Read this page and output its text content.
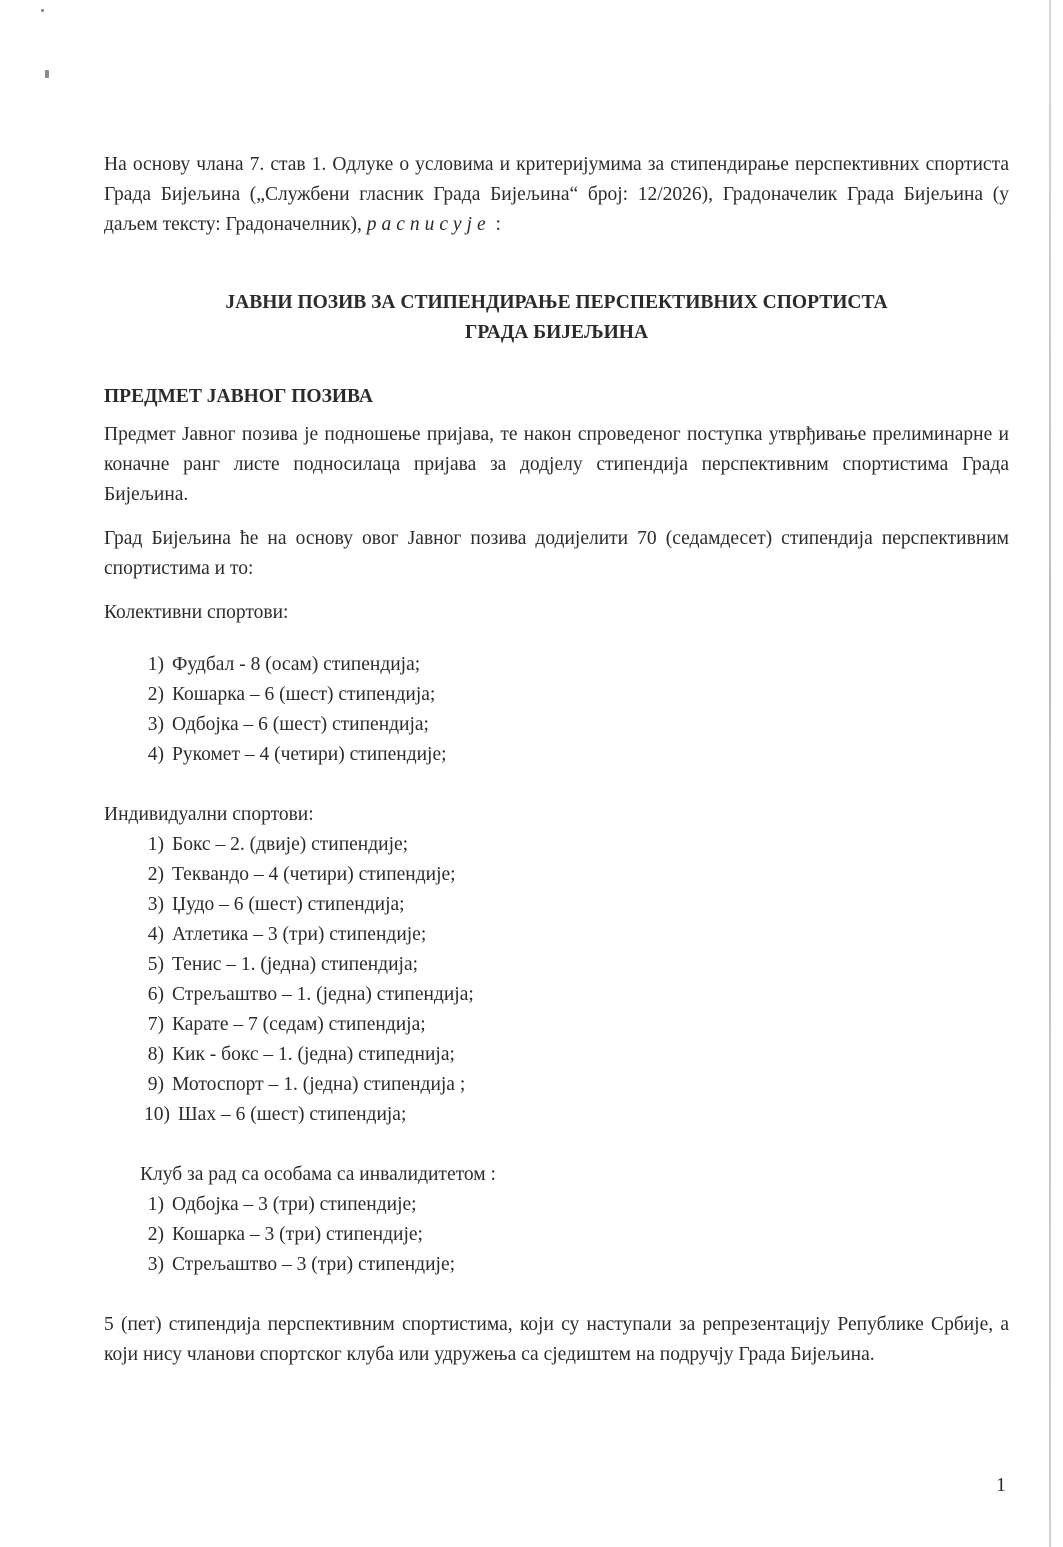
На основу члана 7. став 1. Одлуке о условима и критеријумима за стипендирање перспективних спортиста Града Бијељина („Службени гласник Града Бијељина“ број: 12/2026), Градоначелик Града Бијељина (у даљем тексту: Градоначелник), расписује :

ЈАВНИ ПОЗИВ ЗА СТИПЕНДИРАЊЕ ПЕРСПЕКТИВНИХ СПОРТИСТА
ГРАДА БИЈЕЉИНА

ПРЕДМЕТ ЈАВНОГ ПОЗИВА

Предмет Јавног позива је подношење пријава, те након спроведеног поступка утврђивање прелиминарне и коначне ранг листе подносилаца пријава за додјелу стипендија перспективним спортистима Града Бијељина.

Град Бијељина ће на основу овог Јавног позива додијелити 70 (седамдесет) стипендија перспективним спортистима и то:

Колективни спортови:

1) Фудбал - 8 (осам) стипендија;
2) Кошарка – 6 (шест) стипендија;
3) Одбојка – 6 (шест) стипендија;
4) Рукомет – 4 (четири) стипендије;

Индивидуални спортови:

1) Бокс – 2. (двије) стипендије;
2) Теквандо – 4 (четири) стипендије;
3) Џудо – 6 (шест) стипендија;
4) Атлетика – 3 (три) стипендије;
5) Тенис – 1. (једна) стипендија;
6) Стрељаштво – 1. (једна) стипендија;
7) Карате – 7 (седам) стипендија;
8) Кик - бокс – 1. (једна) стипеднија;
9) Мотоспорт – 1. (једна) стипендија ;
10) Шах – 6 (шест) стипендија;

Клуб за рад са особама са инвалидитетом :

1) Одбојка – 3 (три) стипендије;
2) Кошарка – 3 (три) стипендије;
3) Стрељаштво – 3 (три) стипендије;

5 (пет) стипендија перспективним спортистима, који су наступали за репрезентацију Републике Србије, а који нису чланови спортског клуба или удружења са сједиштем на подручју Града Бијељина.

1
